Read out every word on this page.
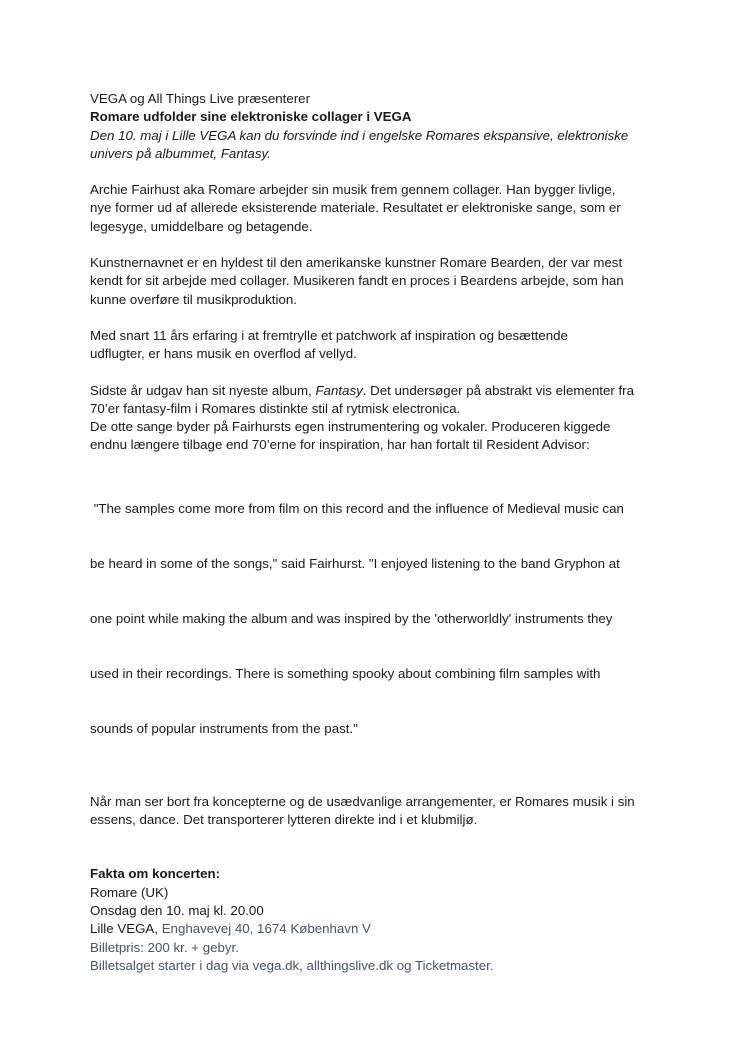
VEGA og All Things Live præsenterer
Romare udfolder sine elektroniske collager i VEGA
Den 10. maj i Lille VEGA kan du forsvinde ind i engelske Romares ekspansive, elektroniske
univers på albummet, Fantasy.
Archie Fairhust aka Romare arbejder sin musik frem gennem collager. Han bygger livlige,
nye former ud af allerede eksisterende materiale. Resultatet er elektroniske sange, som er
legesyge, umiddelbare og betagende.
Kunstnernavnet er en hyldest til den amerikanske kunstner Romare Bearden, der var mest
kendt for sit arbejde med collager. Musikeren fandt en proces i Beardens arbejde, som han
kunne overføre til musikproduktion.
Med snart 11 års erfaring i at fremtrylle et patchwork af inspiration og besættende
udflugter, er hans musik en overflod af vellyd.
Sidste år udgav han sit nyeste album, Fantasy. Det undersøger på abstrakt vis elementer fra
70’er fantasy-film i Romares distinkte stil af rytmisk electronica.
De otte sange byder på Fairhursts egen instrumentering og vokaler. Produceren kiggede
endnu længere tilbage end 70’erne for inspiration, har han fortalt til Resident Advisor:

"The samples come more from film on this record and the influence of Medieval music can

be heard in some of the songs," said Fairhurst. "I enjoyed listening to the band Gryphon at

one point while making the album and was inspired by the 'otherworldly' instruments they

used in their recordings. There is something spooky about combining film samples with

sounds of popular instruments from the past."

Når man ser bort fra koncepterne og de usædvanlige arrangementer, er Romares musik i sin
essens, dance. Det transporterer lytteren direkte ind i et klubmiljø.
Fakta om koncerten:
Romare (UK)
Onsdag den 10. maj kl. 20.00
Lille VEGA, Enghavevej 40, 1674 København V
Billetpris: 200 kr. + gebyr.
Billetsalget starter i dag via vega.dk, allthingslive.dk og Ticketmaster.
